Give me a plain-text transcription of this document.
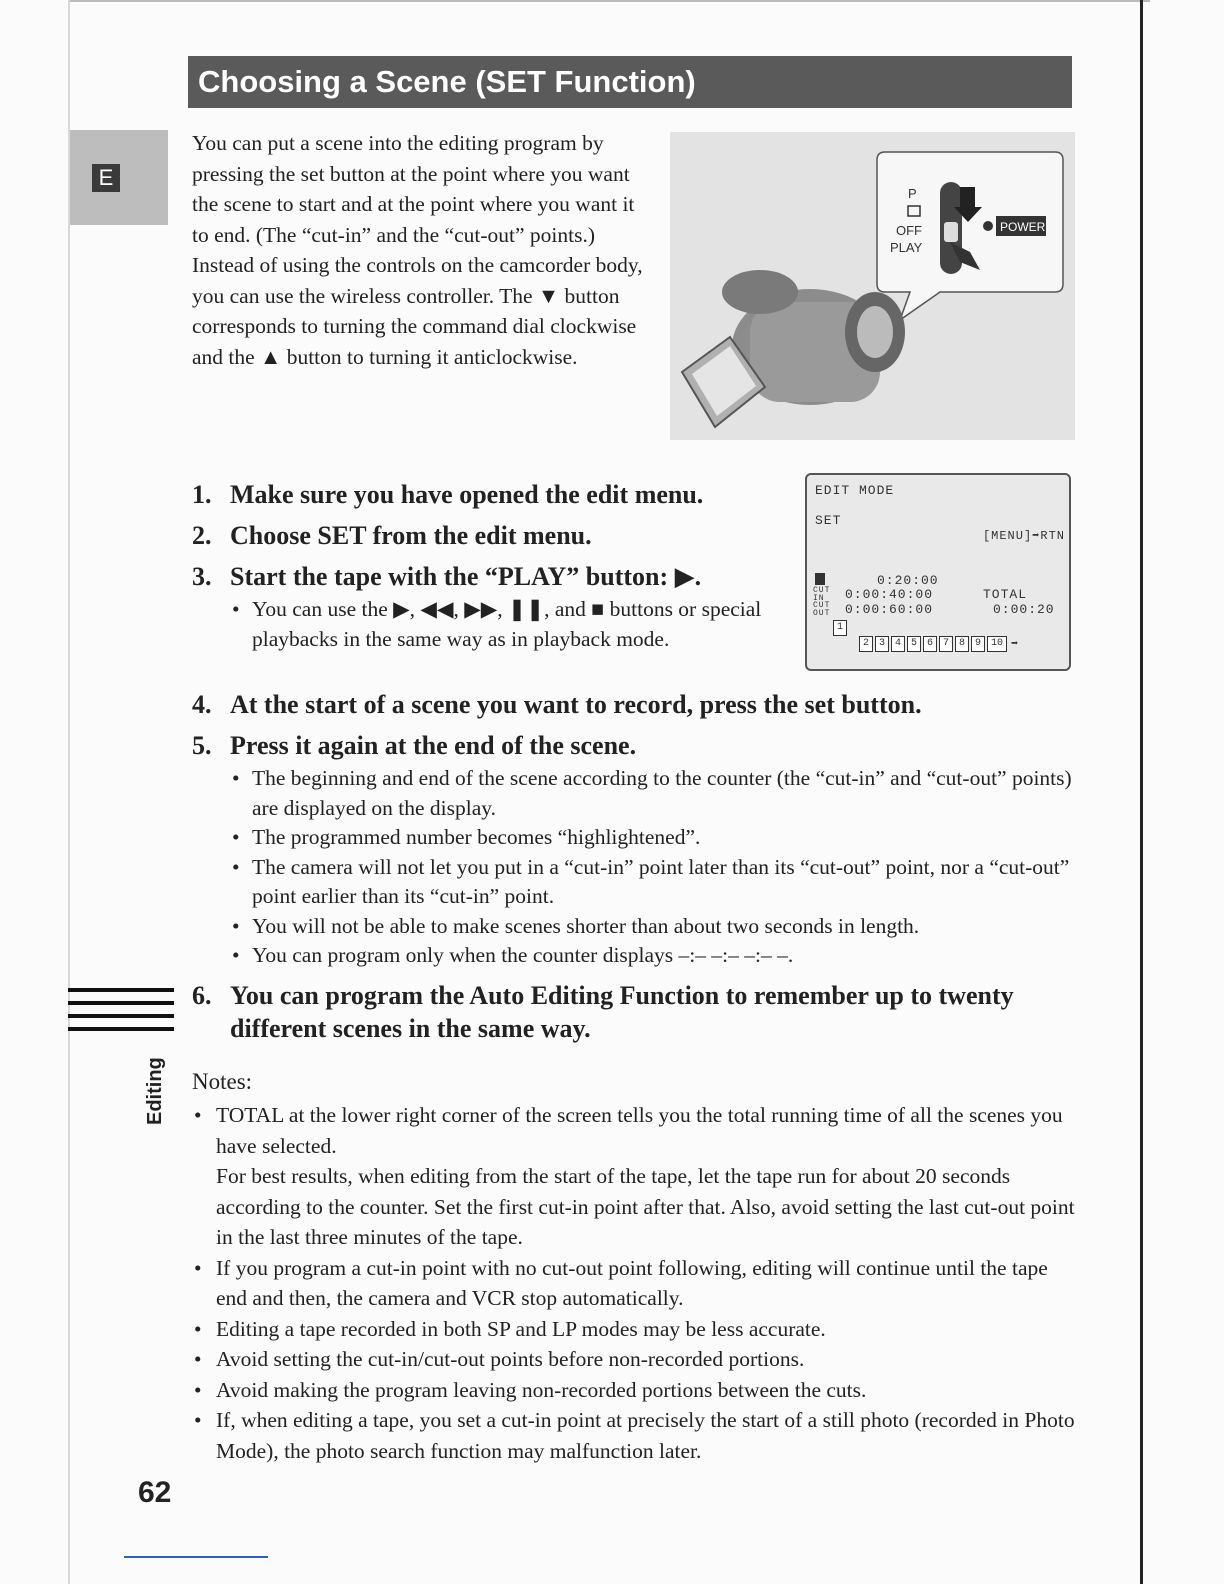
Choosing a Scene (SET Function)
E
You can put a scene into the editing program by pressing the set button at the point where you want the scene to start and at the point where you want it to end. (The “cut-in” and the “cut-out” points.) Instead of using the controls on the camcorder body, you can use the wireless controller. The ▼ button corresponds to turning the command dial clockwise and the ▲ button to turning it anticlockwise.
P
OFF
PLAY
POWER
1. Make sure you have opened the edit menu.
2. Choose SET from the edit menu.
3. Start the tape with the “PLAY” button: ▶.
• You can use the ▶, ◀◀, ▶▶, ❚❚, and ■ buttons or special playbacks in the same way as in playback mode.
EDIT MODE
SET
[MENU]➡RTN
0:20:00
CUT IN	0:00:40:00	TOTAL
CUT OUT	0:00:60:00	0:00:20
1
2 3 4 5 6 7 8 9 10 ➡
4. At the start of a scene you want to record, press the set button.
5. Press it again at the end of the scene.
• The beginning and end of the scene according to the counter (the “cut-in” and “cut-out” points) are displayed on the display.
• The programmed number becomes “highlightened”.
• The camera will not let you put in a “cut-in” point later than its “cut-out” point, nor a “cut-out” point earlier than its “cut-in” point.
• You will not be able to make scenes shorter than about two seconds in length.
• You can program only when the counter displays –:– –:– –:– –.
6. You can program the Auto Editing Function to remember up to twenty different scenes in the same way.
Editing Notes:
• TOTAL at the lower right corner of the screen tells you the total running time of all the scenes you have selected.
For best results, when editing from the start of the tape, let the tape run for about 20 seconds according to the counter. Set the first cut-in point after that. Also, avoid setting the last cut-out point in the last three minutes of the tape.
• If you program a cut-in point with no cut-out point following, editing will continue until the tape end and then, the camera and VCR stop automatically.
• Editing a tape recorded in both SP and LP modes may be less accurate.
• Avoid setting the cut-in/cut-out points before non-recorded portions.
• Avoid making the program leaving non-recorded portions between the cuts.
• If, when editing a tape, you set a cut-in point at precisely the start of a still photo (recorded in Photo Mode), the photo search function may malfunction later.
62
